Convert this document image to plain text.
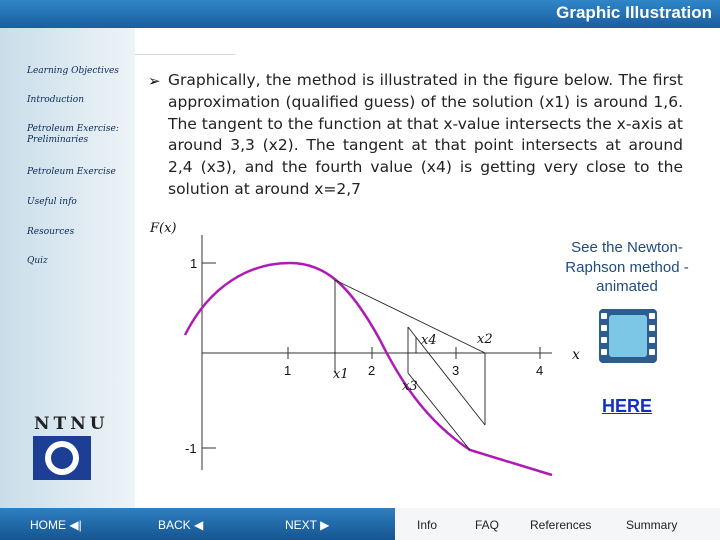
Graphic Illustration
Learning Objectives
Introduction
Petroleum Exercise: Preliminaries
Petroleum Exercise
Useful info
Resources
Quiz
NTNU
➢ Graphically, the method is illustrated in the figure below. The first approximation (qualified guess) of the solution (x1) is around 1,6. The tangent to the function at that x-value intersects the x-axis at around 3,3 (x2). The tangent at that point intersects at around 2,4 (x3), and the fourth value (x4) is getting very close to the solution at around x=2,7
F(x)
x
1
-1
1	2	3	4
x1
x2
x3
x4
See the Newton-Raphson method - animated
HERE
HOME ◀|	BACK ◀	NEXT ▶	Info	FAQ	References	Summary
